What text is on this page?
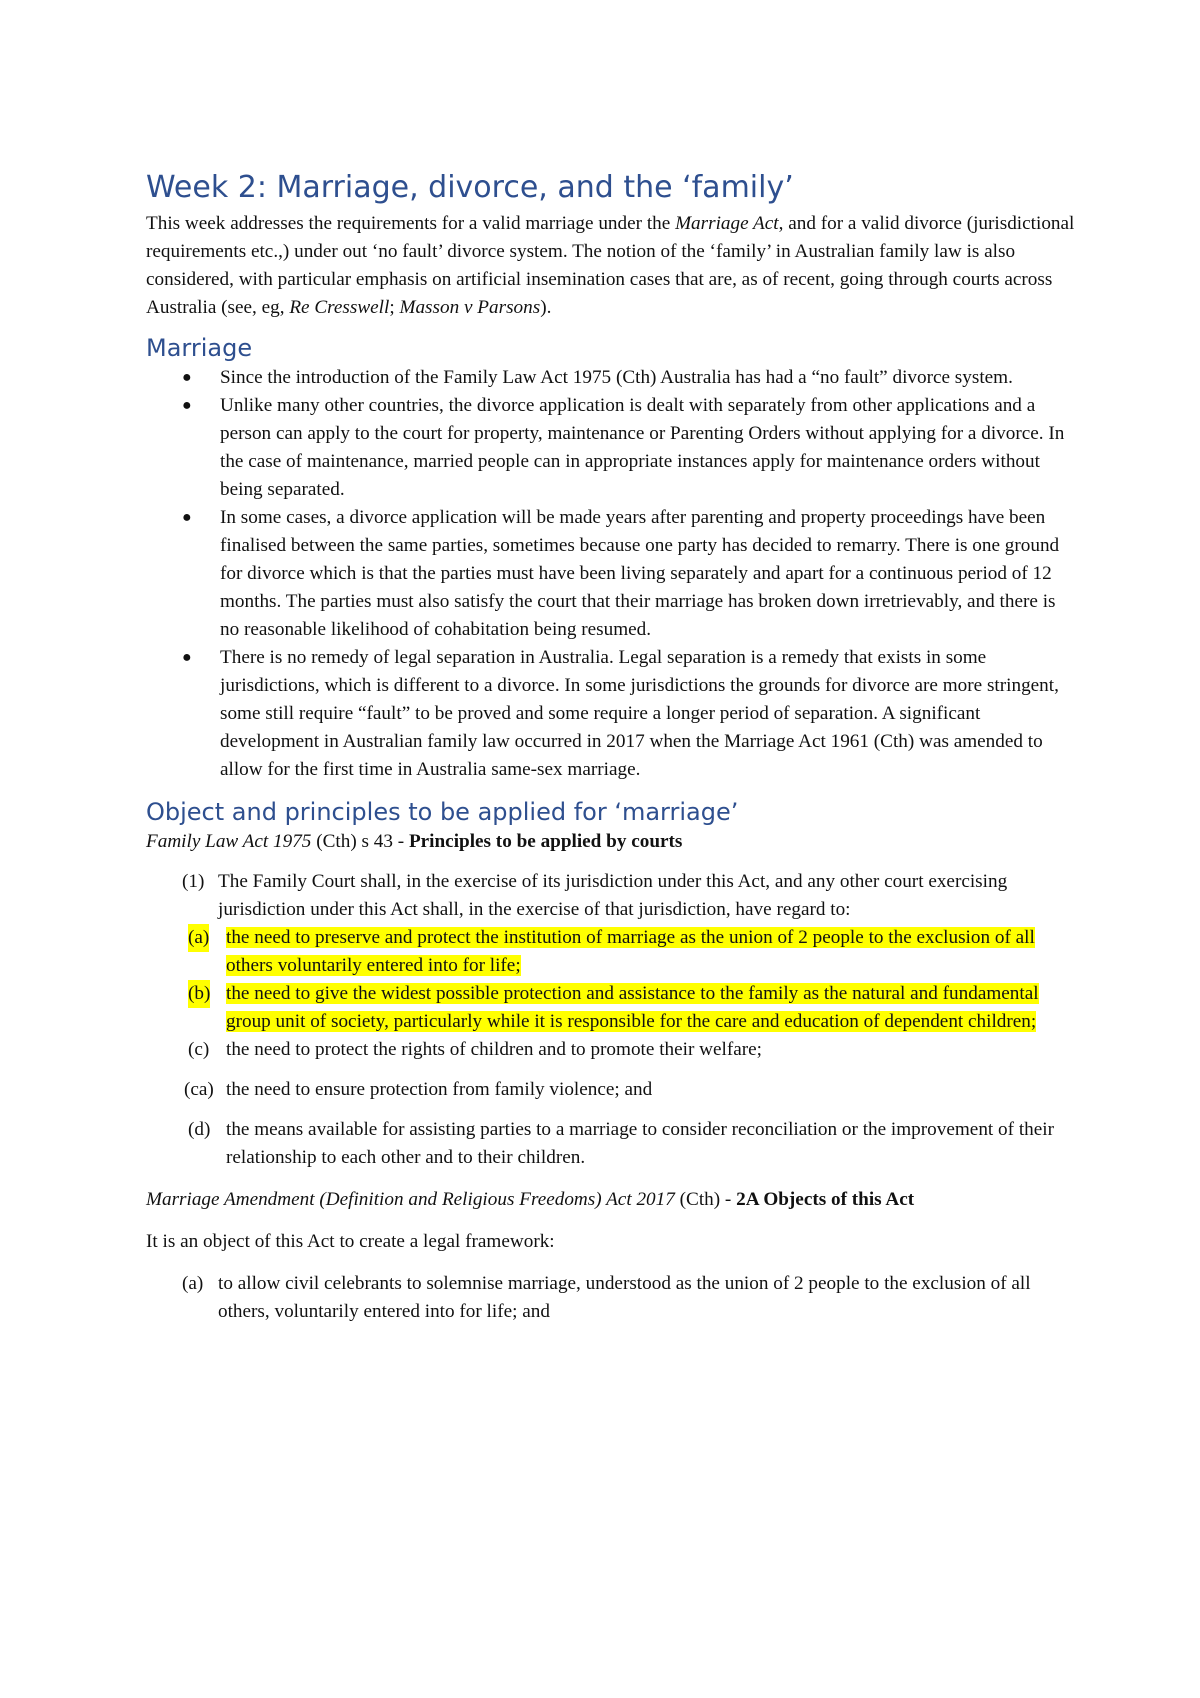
Week 2: Marriage, divorce, and the ‘family’

This week addresses the requirements for a valid marriage under the Marriage Act, and for a valid divorce (jurisdictional requirements etc.,) under out ‘no fault’ divorce system. The notion of the ‘family’ in Australian family law is also considered, with particular emphasis on artificial insemination cases that are, as of recent, going through courts across Australia (see, eg, Re Cresswell; Masson v Parsons).

Marriage
● Since the introduction of the Family Law Act 1975 (Cth) Australia has had a “no fault” divorce system.
● Unlike many other countries, the divorce application is dealt with separately from other applications and a person can apply to the court for property, maintenance or Parenting Orders without applying for a divorce. In the case of maintenance, married people can in appropriate instances apply for maintenance orders without being separated.
● In some cases, a divorce application will be made years after parenting and property proceedings have been finalised between the same parties, sometimes because one party has decided to remarry. There is one ground for divorce which is that the parties must have been living separately and apart for a continuous period of 12 months. The parties must also satisfy the court that their marriage has broken down irretrievably, and there is no reasonable likelihood of cohabitation being resumed.
● There is no remedy of legal separation in Australia. Legal separation is a remedy that exists in some jurisdictions, which is different to a divorce. In some jurisdictions the grounds for divorce are more stringent, some still require “fault” to be proved and some require a longer period of separation. A significant development in Australian family law occurred in 2017 when the Marriage Act 1961 (Cth) was amended to allow for the first time in Australia same-sex marriage.
Object and principles to be applied for ‘marriage’

Family Law Act 1975 (Cth) s 43 - Principles to be applied by courts

(1) The Family Court shall, in the exercise of its jurisdiction under this Act, and any other court exercising jurisdiction under this Act shall, in the exercise of that jurisdiction, have regard to:
(a) the need to preserve and protect the institution of marriage as the union of 2 people to the exclusion of all others voluntarily entered into for life;
(b) the need to give the widest possible protection and assistance to the family as the natural and fundamental group unit of society, particularly while it is responsible for the care and education of dependent children;
(c) the need to protect the rights of children and to promote their welfare;
(ca) the need to ensure protection from family violence; and
(d) the means available for assisting parties to a marriage to consider reconciliation or the improvement of their relationship to each other and to their children.

Marriage Amendment (Definition and Religious Freedoms) Act 2017 (Cth) - 2A Objects of this Act

It is an object of this Act to create a legal framework:

(a) to allow civil celebrants to solemnise marriage, understood as the union of 2 people to the exclusion of all others, voluntarily entered into for life; and
